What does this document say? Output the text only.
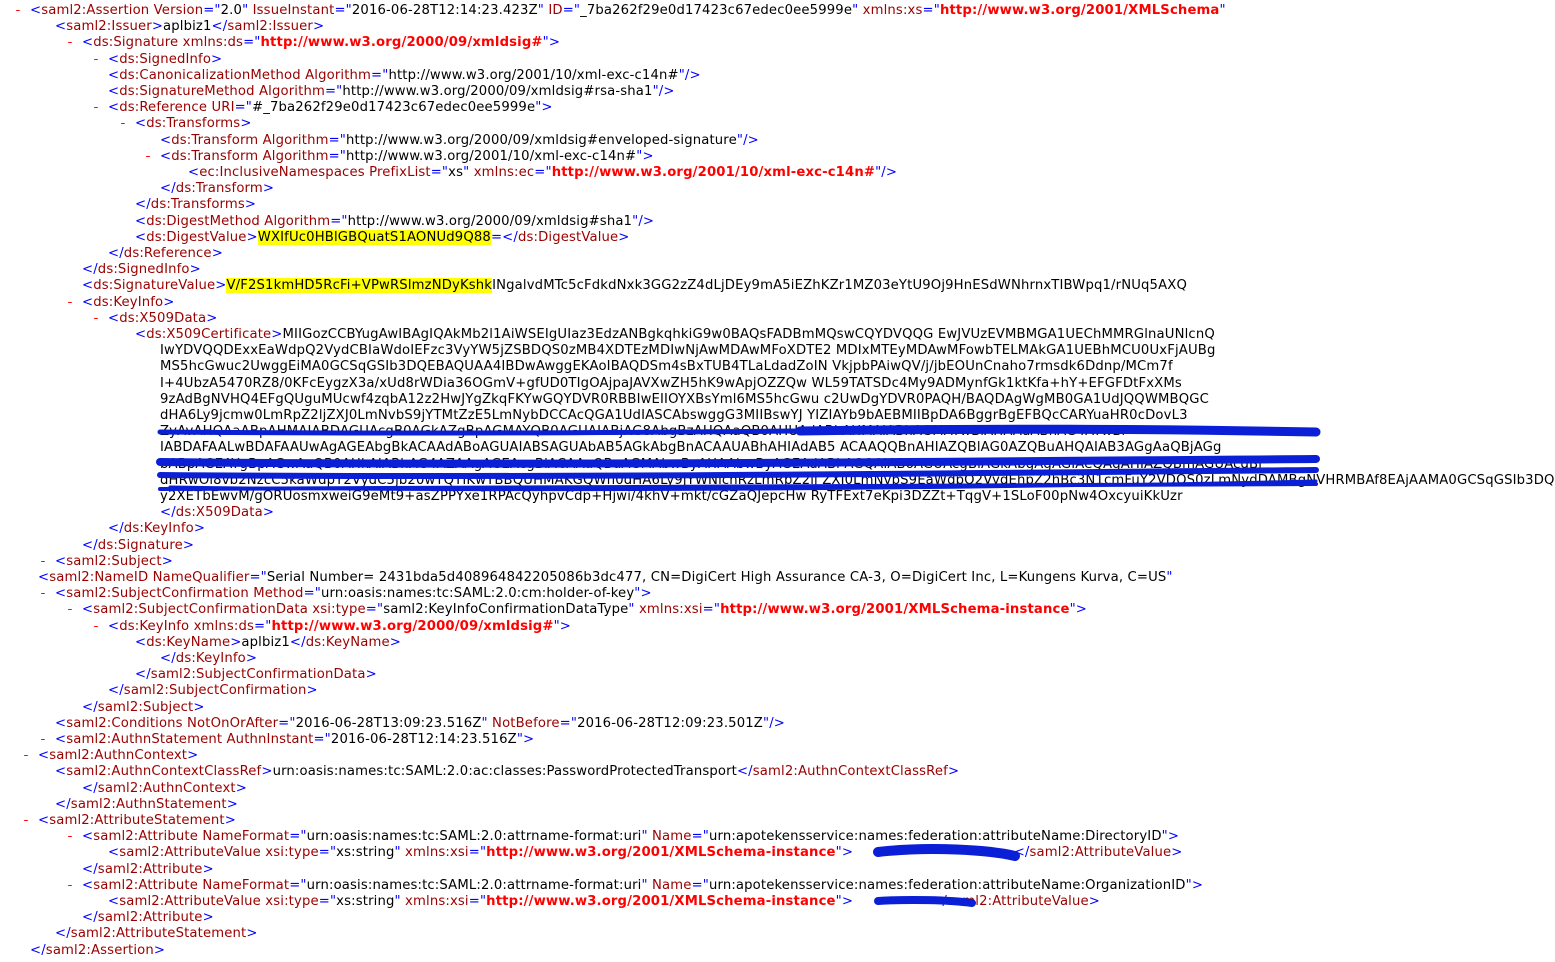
- <saml2:Assertion Version="2.0" IssueInstant="2016-06-28T12:14:23.423Z" ID="_7ba262f29e0d17423c67edec0ee5999e" xmlns:xs="http://www.w3.org/2001/XMLSchema"
<saml2:Issuer>aplbiz1</saml2:Issuer>
- <ds:Signature xmlns:ds="http://www.w3.org/2000/09/xmldsig#">
- <ds:SignedInfo>
<ds:CanonicalizationMethod Algorithm="http://www.w3.org/2001/10/xml-exc-c14n#"/>
<ds:SignatureMethod Algorithm="http://www.w3.org/2000/09/xmldsig#rsa-sha1"/>
- <ds:Reference URI="#_7ba262f29e0d17423c67edec0ee5999e">
- <ds:Transforms>
<ds:Transform Algorithm="http://www.w3.org/2000/09/xmldsig#enveloped-signature"/>
- <ds:Transform Algorithm="http://www.w3.org/2001/10/xml-exc-c14n#">
<ec:InclusiveNamespaces PrefixList="xs" xmlns:ec="http://www.w3.org/2001/10/xml-exc-c14n#"/>
</ds:Transform>
</ds:Transforms>
<ds:DigestMethod Algorithm="http://www.w3.org/2000/09/xmldsig#sha1"/>
<ds:DigestValue>WXIfUc0HBlGBQuatS1AONUd9Q88=</ds:DigestValue>
</ds:Reference>
</ds:SignedInfo>
<ds:SignatureValue>V/F2S1kmHD5RcFi+VPwRSlmzNDyKshkINgalvdMTc5cFdkdNxk3GG2zZ4dLjDEy9mA5iEZhKZr1MZ03eYtU9Oj9HnESdWNhrnxTIBWpq1/rNUq5AXQ
- <ds:KeyInfo>
- <ds:X509Data>
<ds:X509Certificate>MIIGozCCBYugAwIBAgIQAkMb2l1AiWSEIgUIaz3EdzANBgkqhkiG9w0BAQsFADBmMQswCQYDVQQG EwJVUzEVMBMGA1UEChMMRGlnaUNlcnQ
IwYDVQQDExxEaWdpQ2VydCBIaWdoIEFzc3VyYW5jZSBDQS0zMB4XDTEzMDIwNjAwMDAwMFoXDTE2 MDIxMTEyMDAwMFowbTELMAkGA1UEBhMCU0UxFjAUBg
MS5hcGwuc2UwggEiMA0GCSqGSIb3DQEBAQUAA4IBDwAwggEKAoIBAQDSm4sBxTUB4TLaLdadZoIN VkjpbPAiwQV/j/jbEOUnCnaho7rmsdk6Ddnp/MCm7f
I+4UbzA5470RZ8/0KFcEygzX3a/xUd8rWDia36OGmV+gfUD0TIgOAjpaJAVXwZH5hK9wApjOZZQw WL59TATSDc4My9ADMynfGk1ktKfa+hY+EFGFDtFxXMs
9zAdBgNVHQ4EFgQUguMUcwf4zqbA12z2HwJYgZkqFKYwGQYDVR0RBBIwEIIOYXBsYml6MS5hcGwu c2UwDgYDVR0PAQH/BAQDAgWgMB0GA1UdJQQWMBQGC
dHA6Ly9jcmw0LmRpZ2ljZXJ0LmNvbS9jYTMtZzE5LmNybDCCAcQGA1UdIASCAbswggG3MIIBswYJ YIZIAYb9bAEBMIIBpDA6BggrBgEFBQcCARYuaHR0cDovL3
ZyAvAHQAaABpAHMAIABDAGUAcgB0AGkAZgBpAGMAYQB0AGUAIABjAG8AbgBzAHQAaQB0AHUAdABl AHMAIABhAGMAYwBlAHAAdABhAG4AYwBl
IABDAFAALwBDAFAAUwAgAGEAbgBkACAAdABoAGUAIABSAGUAbAB5AGkAbgBnACAAUABhAHIAdAB5 ACAAQQBnAHIAZQBlAG0AZQBuAHQAIAB3AGgAaQBjAGg
bABpAGEAYgBpAGwAaQB0AHkAIABhAG4AZAAgAGEAcgBlACAAaQBuAGMAbwByAHAAbwByAGEAdABl AGQAIABoAGUAcgBlAGkAbgAgAGIAeQAgAHIAZQBmAGUAcgBl
dHRwOi8vb2NzcC5kaWdpY2VydC5jb20wTQYIKwYBBQUHMAKGQWh0dHA6Ly9jYWNlcnRzLmRpZ2lj ZXJ0LmNvbS9EaWdpQ2VydEhpZ2hBc3N1cmFuY2VDQS0zLmNydDAMBgNVHRMBAf8EAjAAMA0GCSqGSIb3DQ
y2XETbEwvM/gORUosmxweiG9eMt9+asZPPYxe1RPAcQyhpvCdp+Hjwi/4khV+mkt/cGZaQJepcHw RyTFExt7eKpi3DZZt+TqgV+1SLoF00pNw4OxcyuiKkUzr
</ds:X509Data>
</ds:KeyInfo>
</ds:Signature>
- <saml2:Subject>
<saml2:NameID NameQualifier="Serial Number= 2431bda5d408964842205086b3dc477, CN=DigiCert High Assurance CA-3, O=DigiCert Inc, L=Kungens Kurva, C=US"
- <saml2:SubjectConfirmation Method="urn:oasis:names:tc:SAML:2.0:cm:holder-of-key">
- <saml2:SubjectConfirmationData xsi:type="saml2:KeyInfoConfirmationDataType" xmlns:xsi="http://www.w3.org/2001/XMLSchema-instance">
- <ds:KeyInfo xmlns:ds="http://www.w3.org/2000/09/xmldsig#">
<ds:KeyName>aplbiz1</ds:KeyName>
</ds:KeyInfo>
</saml2:SubjectConfirmationData>
</saml2:SubjectConfirmation>
</saml2:Subject>
<saml2:Conditions NotOnOrAfter="2016-06-28T13:09:23.516Z" NotBefore="2016-06-28T12:09:23.501Z"/>
- <saml2:AuthnStatement AuthnInstant="2016-06-28T12:14:23.516Z">
- <saml2:AuthnContext>
<saml2:AuthnContextClassRef>urn:oasis:names:tc:SAML:2.0:ac:classes:PasswordProtectedTransport</saml2:AuthnContextClassRef>
</saml2:AuthnContext>
</saml2:AuthnStatement>
- <saml2:AttributeStatement>
- <saml2:Attribute NameFormat="urn:oasis:names:tc:SAML:2.0:attrname-format:uri" Name="urn:apotekensservice:names:federation:attributeName:DirectoryID">
<saml2:AttributeValue xsi:type="xs:string" xmlns:xsi="http://www.w3.org/2001/XMLSchema-instance">	</saml2:AttributeValue>
</saml2:Attribute>
- <saml2:Attribute NameFormat="urn:oasis:names:tc:SAML:2.0:attrname-format:uri" Name="urn:apotekensservice:names:federation:attributeName:OrganizationID">
<saml2:AttributeValue xsi:type="xs:string" xmlns:xsi="http://www.w3.org/2001/XMLSchema-instance">	</saml2:AttributeValue>
</saml2:Attribute>
</saml2:AttributeStatement>
</saml2:Assertion>
